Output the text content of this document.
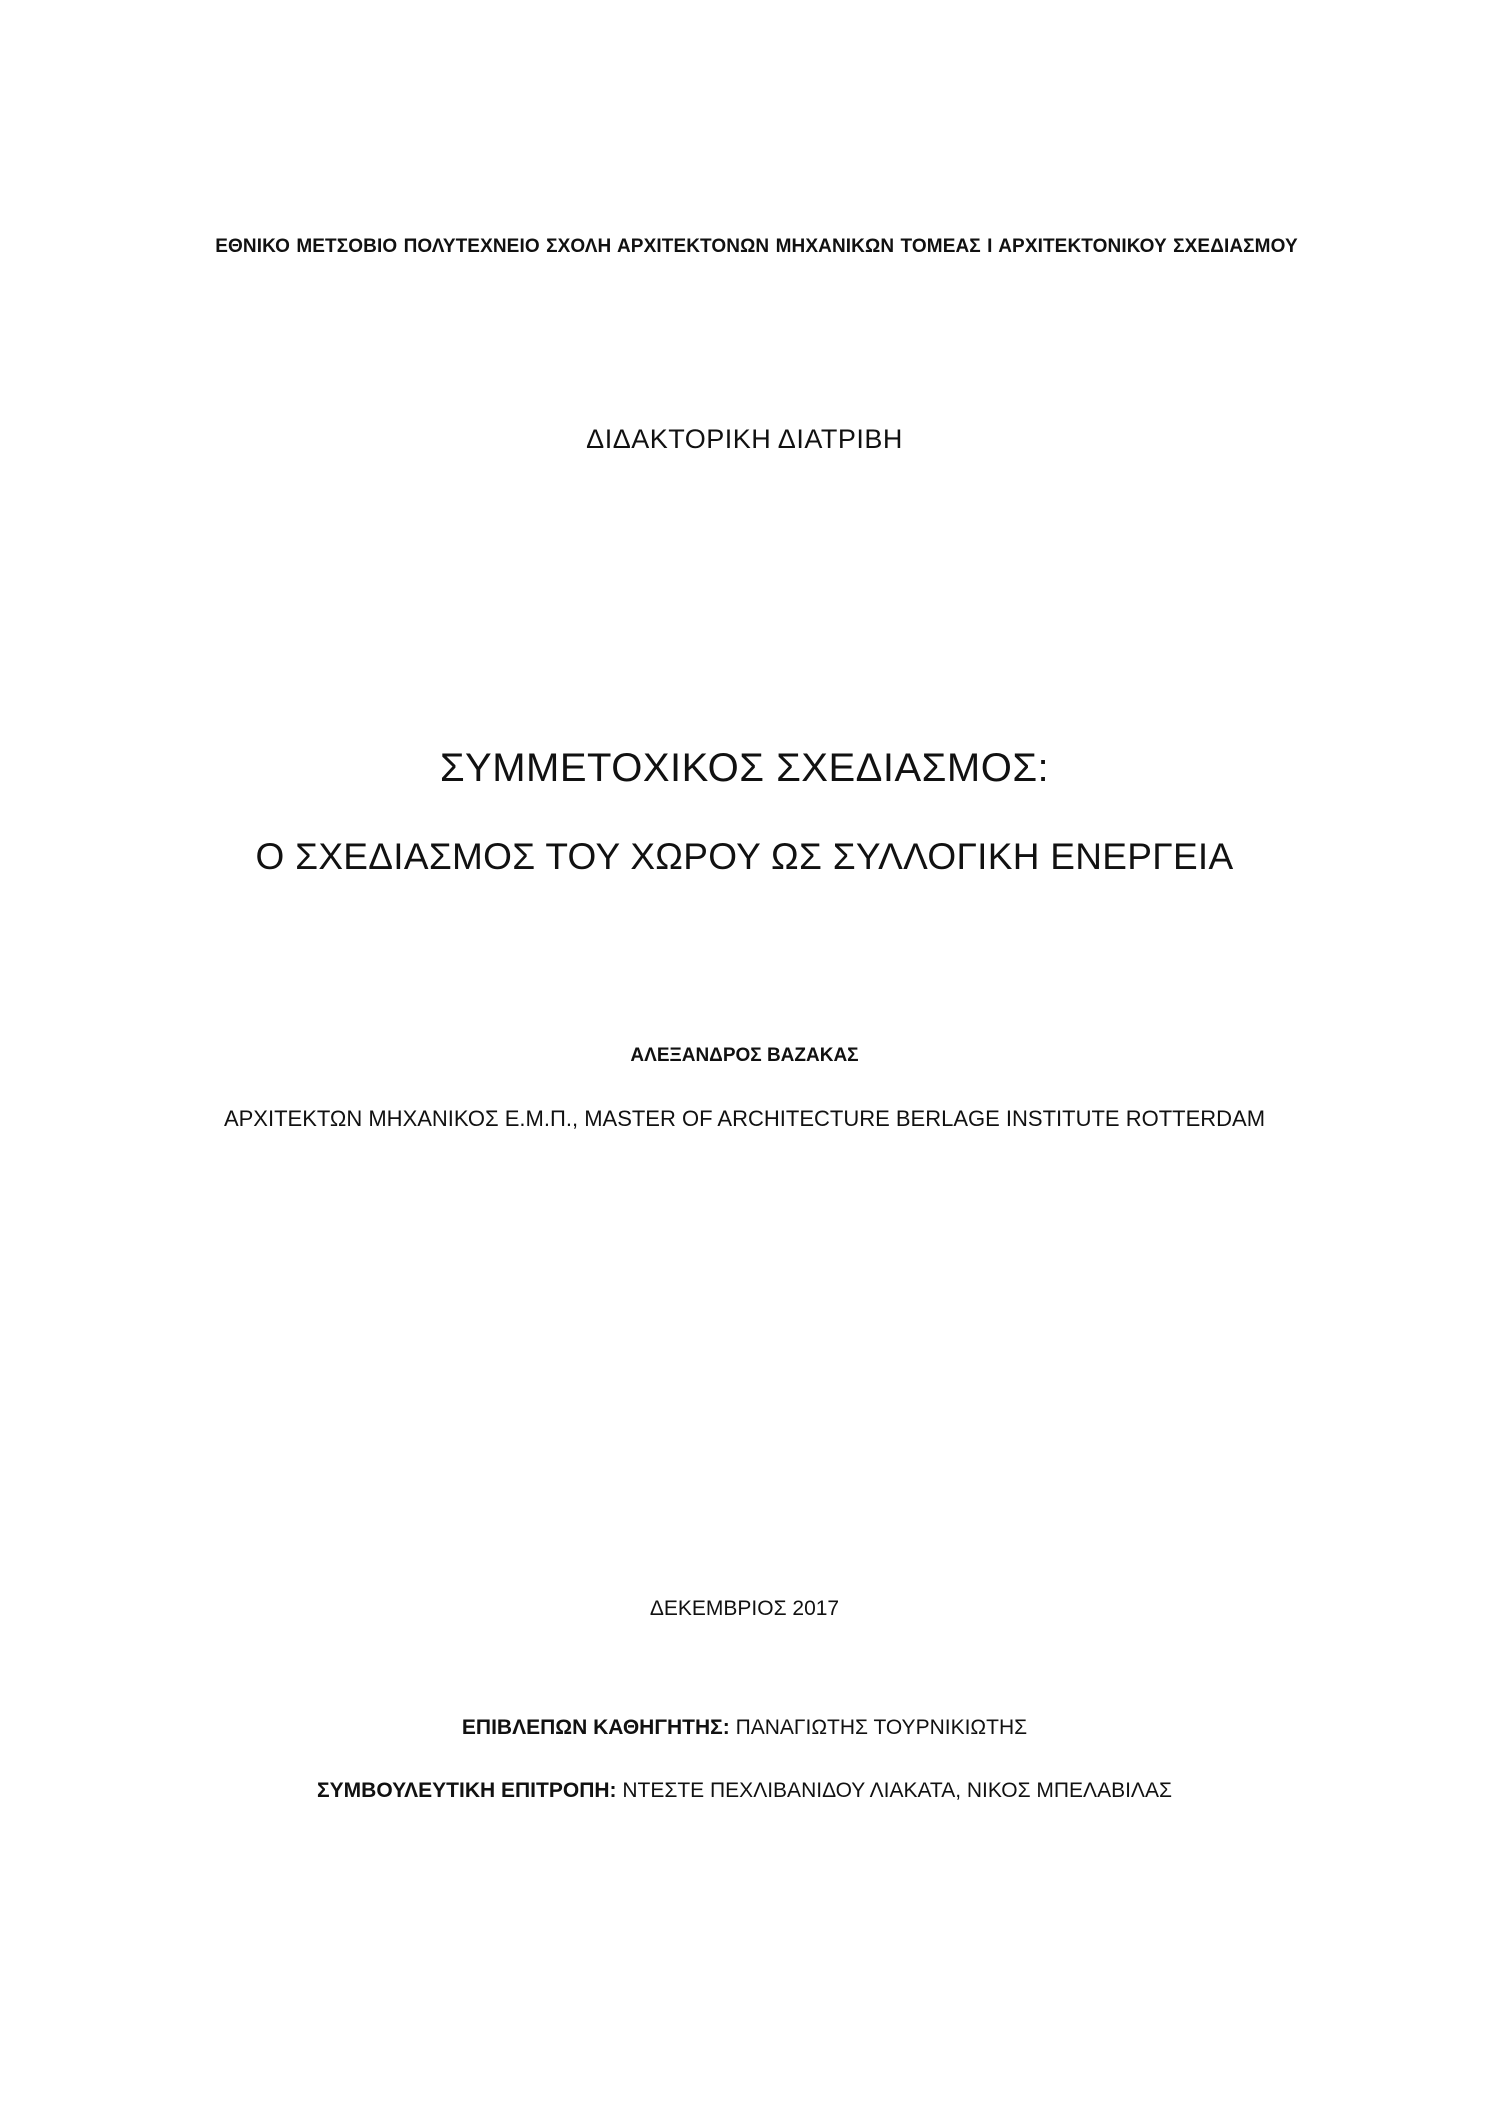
ΕΘΝΙΚΟ ΜΕΤΣΟΒΙΟ ΠΟΛΥΤΕΧΝΕΙΟ ΣΧΟΛΗ ΑΡΧΙΤΕΚΤΟΝΩΝ ΜΗΧΑΝΙΚΩΝ ΤΟΜΕΑΣ Ι ΑΡΧΙΤΕΚΤΟΝΙΚΟΥ ΣΧΕΔΙΑΣΜΟΥ

ΔΙΔΑΚΤΟΡΙΚΗ ΔΙΑΤΡΙΒΗ

ΣΥΜΜΕΤΟΧΙΚΟΣ ΣΧΕΔΙΑΣΜΟΣ:
Ο ΣΧΕΔΙΑΣΜΟΣ ΤΟΥ ΧΩΡΟΥ ΩΣ ΣΥΛΛΟΓΙΚΗ ΕΝΕΡΓΕΙΑ

ΑΛΕΞΑΝΔΡΟΣ ΒΑΖΑΚΑΣ

ΑΡΧΙΤΕΚΤΩΝ ΜΗΧΑΝΙΚΟΣ Ε.Μ.Π., MASTER OF ARCHITECTURE BERLAGE INSTITUTE ROTTERDAM

ΔΕΚΕΜΒΡΙΟΣ 2017

ΕΠΙΒΛΕΠΩΝ ΚΑΘΗΓΗΤΗΣ: ΠΑΝΑΓΙΩΤΗΣ ΤΟΥΡΝΙΚΙΩΤΗΣ

ΣΥΜΒΟΥΛΕΥΤΙΚΗ ΕΠΙΤΡΟΠΗ: ΝΤΕΣΤΕ ΠΕΧΛΙΒΑΝΙΔΟΥ ΛΙΑΚΑΤΑ, ΝΙΚΟΣ ΜΠΕΛΑΒΙΛΑΣ
